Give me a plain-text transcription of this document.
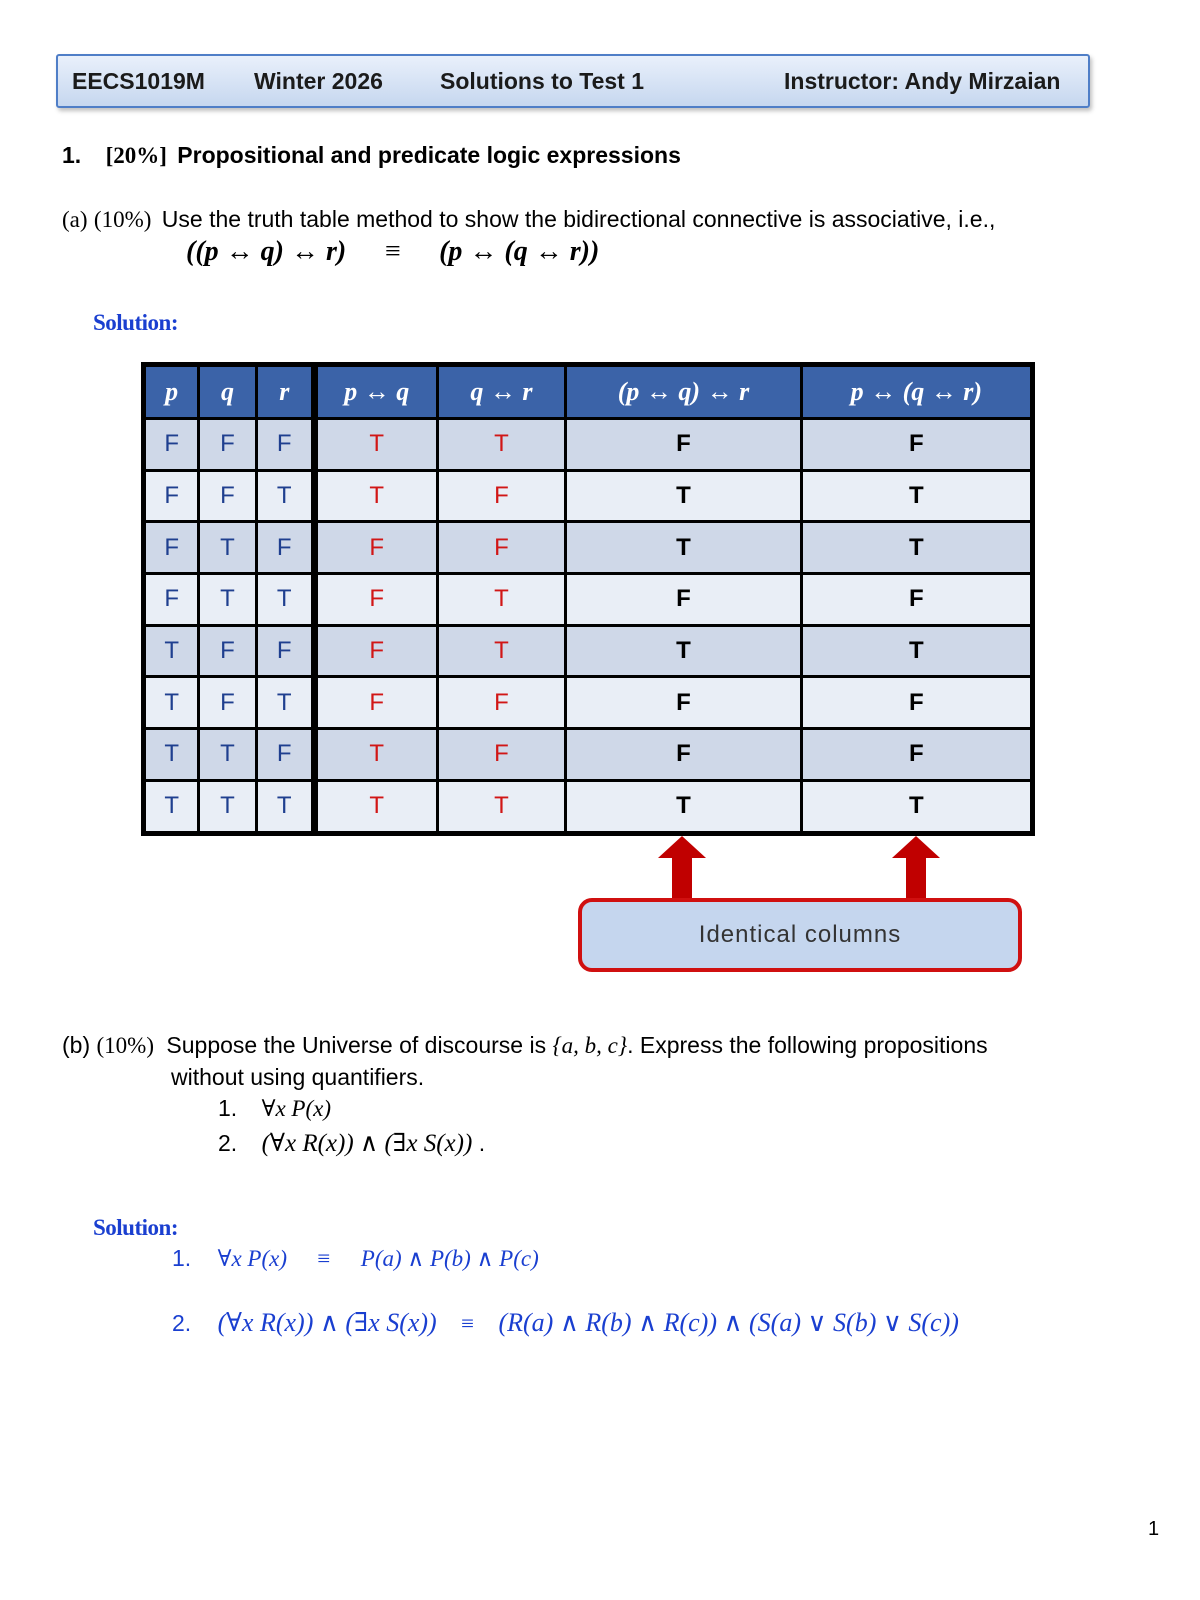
EECS1019M Winter 2026 Solutions to Test 1	Instructor: Andy Mirzaian
1. [20%] Propositional and predicate logic expressions
(a) (10%) Use the truth table method to show the bidirectional connective is associative, i.e.,
((p ↔ q) ↔ r) ≡ (p ↔ (q ↔ r))
Solution:
p	q	r	p ↔ q	q ↔ r	(p ↔ q) ↔ r	p ↔ (q ↔ r)
F	F	F	T	T	F	F
F	F	T	T	F	T	T
F	T	F	F	F	T	T
F	T	T	F	T	F	F
T	F	F	F	T	T	T
T	F	T	F	F	F	F
T	T	F	T	F	F	F
T	T	T	T	T	T	T
Identical columns
(b) (10%) Suppose the Universe of discourse is {a, b, c}. Express the following propositions
without using quantifiers.
1. ∀x P(x)
2. (∀x R(x)) ∧ (∃x S(x)) .
Solution:
1. ∀x P(x) ≡ P(a) ∧ P(b) ∧ P(c)
2. (∀x R(x)) ∧ (∃x S(x)) ≡ (R(a) ∧ R(b) ∧ R(c)) ∧ (S(a) ∨ S(b) ∨ S(c))
1
